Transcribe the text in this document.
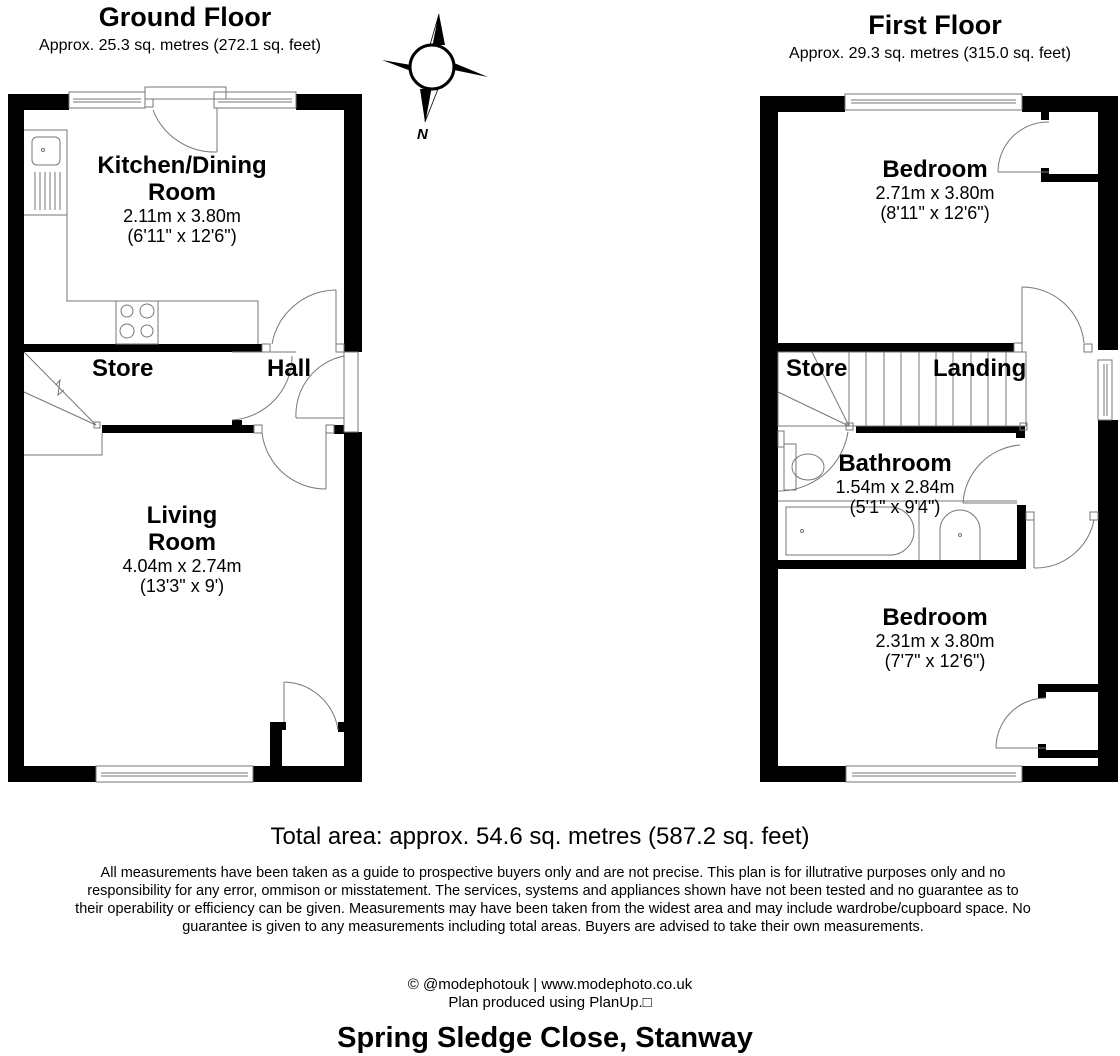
Ground Floor
Approx. 25.3 sq. metres (272.1 sq. feet)
First Floor
Approx. 29.3 sq. metres (315.0 sq. feet)
N
Kitchen/Dining
Room
2.11m x 3.80m
(6'11" x 12'6")
Store	Hall
Living
Room
4.04m x 2.74m
(13'3" x 9')
Bedroom
2.71m x 3.80m
(8'11" x 12'6")
Store	Landing
Bathroom
1.54m x 2.84m
(5'1" x 9'4")
Bedroom
2.31m x 3.80m
(7'7" x 12'6")
Total area: approx. 54.6 sq. metres (587.2 sq. feet)
All measurements have been taken as a guide to prospective buyers only and are not precise. This plan is for illutrative purposes only and no responsibility for any error, ommison or misstatement. The services, systems and appliances shown have not been tested and no guarantee as to their operability or efficiency can be given. Measurements may have been taken from the widest area and may include wardrobe/cupboard space. No guarantee is given to any measurements including total areas. Buyers are advised to take their own measurements.
© @modephotouk | www.modephoto.co.uk
Plan produced using PlanUp.□
Spring Sledge Close, Stanway
